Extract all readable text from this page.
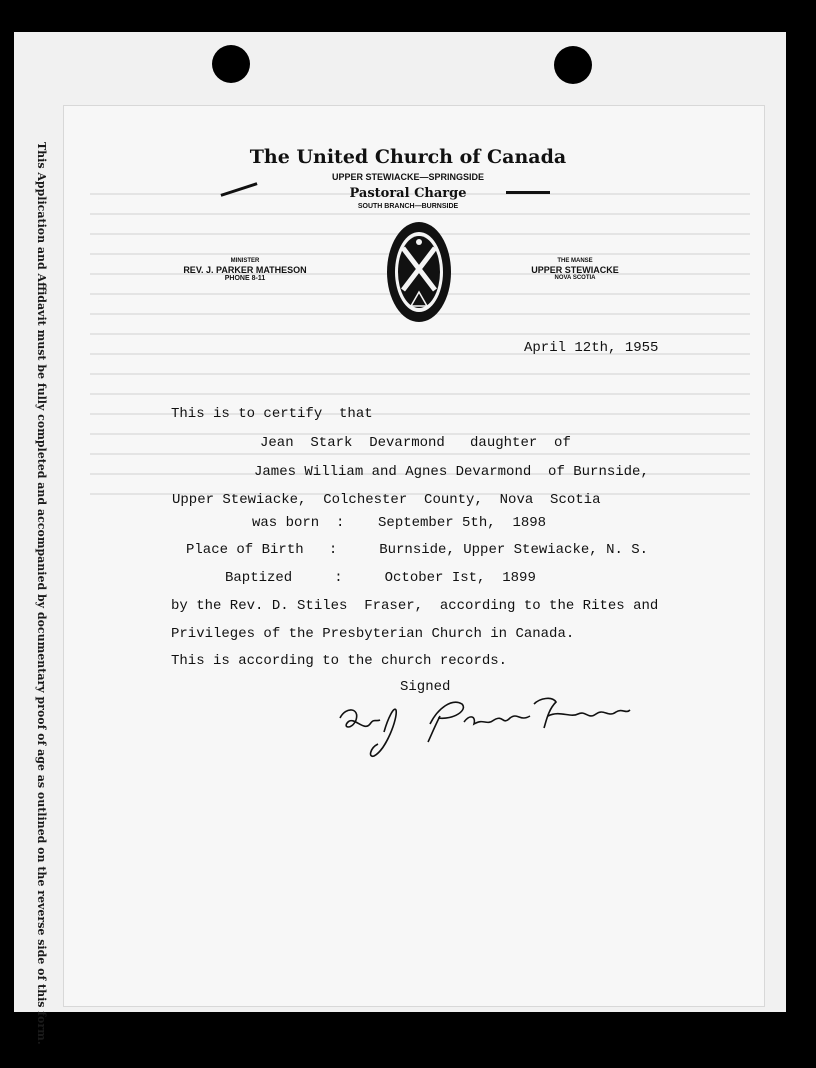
This Application and Affidavit must be fully completed and accompanied by documentary proof of age as outlined on the reverse side of this form.	The United Church of Canada
UPPER STEWIACKE—SPRINGSIDE
Pastoral Charge
SOUTH BRANCH—BURNSIDE
MINISTER
REV. J. PARKER MATHESON
PHONE 8-11
THE MANSE
UPPER STEWIACKE
NOVA SCOTIA
April 12th, 1955
This is to certify  that
Jean  Stark  Devarmond   daughter  of
James William and Agnes Devarmond  of Burnside,
Upper Stewiacke,  Colchester  County,  Nova  Scotia
was born  :    September 5th,  1898
Place of Birth   :     Burnside, Upper Stewiacke, N. S.
Baptized     :     October Ist,  1899
by the Rev. D. Stiles  Fraser,  according to the Rites and
Privileges of the Presbyterian Church in Canada.
This is according to the church records.
Signed
